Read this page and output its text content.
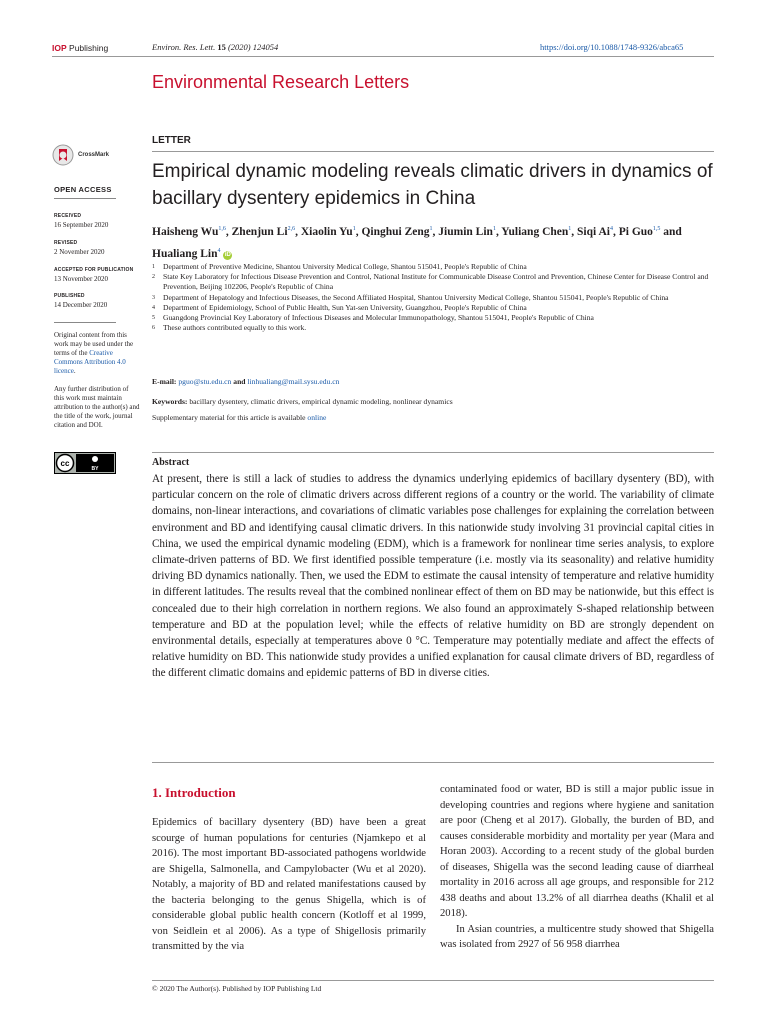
IOP Publishing	Environ. Res. Lett. 15 (2020) 124054	https://doi.org/10.1088/1748-9326/abca65
Environmental Research Letters
CrossMark
OPEN ACCESS
RECEIVED
16 September 2020
REVISED
2 November 2020
ACCEPTED FOR PUBLICATION
13 November 2020
PUBLISHED
14 December 2020
Original content from this work may be used under the terms of the Creative Commons Attribution 4.0 licence.
Any further distribution of this work must maintain attribution to the author(s) and the title of the work, journal citation and DOI.
cc
BY
LETTER
Empirical dynamic modeling reveals climatic drivers in dynamics of bacillary dysentery epidemics in China
Haisheng Wu$^{1,6}$, Zhenjun Li$^{2,6}$, Xiaolin Yu$^1$, Qinghui Zeng$^1$, Jiumin Lin$^1$, Yuliang Chen$^1$, Siqi Ai$^4$, Pi Guo$^{1,5}$ and Hualiang Lin$^4$ iD
1	Department of Preventive Medicine, Shantou University Medical College, Shantou 515041, People's Republic of China
2	State Key Laboratory for Infectious Disease Prevention and Control, National Institute for Communicable Disease Control and Prevention, Chinese Center for Disease Control and Prevention, Beijing 102206, People's Republic of China
3	Department of Hepatology and Infectious Diseases, the Second Affiliated Hospital, Shantou University Medical College, Shantou 515041, People's Republic of China
4	Department of Epidemiology, School of Public Health, Sun Yat-sen University, Guangzhou, People's Republic of China
5	Guangdong Provincial Key Laboratory of Infectious Diseases and Molecular Immunopathology, Shantou 515041, People's Republic of China
6	These authors contributed equally to this work.
E-mail: pguo@stu.edu.cn and linhualiang@mail.sysu.edu.cn
Keywords: bacillary dysentery, climatic drivers, empirical dynamic modeling, nonlinear dynamics
Supplementary material for this article is available online
Abstract

At present, there is still a lack of studies to address the dynamics underlying epidemics of bacillary dysentery (BD), with particular concern on the role of climatic drivers across different regions of a country or the world. The variability of climate domains, non-linear interactions, and covariations of climatic variables pose challenges for explaining the correlation between environment and BD and identifying causal climatic drivers. In this nationwide study involving 31 provincial capital cities in China, we used the empirical dynamic modeling (EDM), which is a framework for nonlinear time series analysis, to explore climate-driven patterns of BD. We first identified possible temperature (i.e. mostly via its seasonality) and relative humidity driving BD dynamics nationally. Then, we used the EDM to estimate the causal intensity of temperature and relative humidity in different latitudes. The results reveal that the combined nonlinear effect of them on BD may be nationwide, but this effect is concealed due to their high correlation in northern regions. We also found an approximately S-shaped relationship between temperature and BD at the population level; while the effects of relative humidity on BD are strongly dependent on environmental details, especially at temperatures above 0 °C. Temperature may potentially mediate and affect the effects of relative humidity on BD. This nationwide study provides a unified explanation for causal climate drivers of BD, regardless of the different climatic domains and epidemic patterns of BD in diverse cities.

1. Introduction

Epidemics of bacillary dysentery (BD) have been a great scourge of human populations for centuries (Njamkepo et al 2016). The most important BD-associated pathogens worldwide are Shigella, Salmonella, and Campylobacter (Wu et al 2020). Notably, a majority of BD and related manifestations caused by the bacteria belonging to the genus Shigella, which is of considerable global public health concern (Kotloff et al 1999, von Seidlein et al 2006). As a type of Shigellosis primarily transmitted by the via

contaminated food or water, BD is still a major public issue in developing countries and regions where hygiene and sanitation are poor (Cheng et al 2017). Globally, the burden of BD, and causes considerable morbidity and mortality per year (Mara and Horan 2003). According to a recent study of the global burden of diseases, Shigella was the second leading cause of diarrheal mortality in 2016 across all age groups, and responsible for 212 438 deaths and about 13.2% of all diarrhea deaths (Khalil et al 2018).

In Asian countries, a multicentre study showed that Shigella was isolated from 2927 of 56 958 diarrhea

© 2020 The Author(s). Published by IOP Publishing Ltd
